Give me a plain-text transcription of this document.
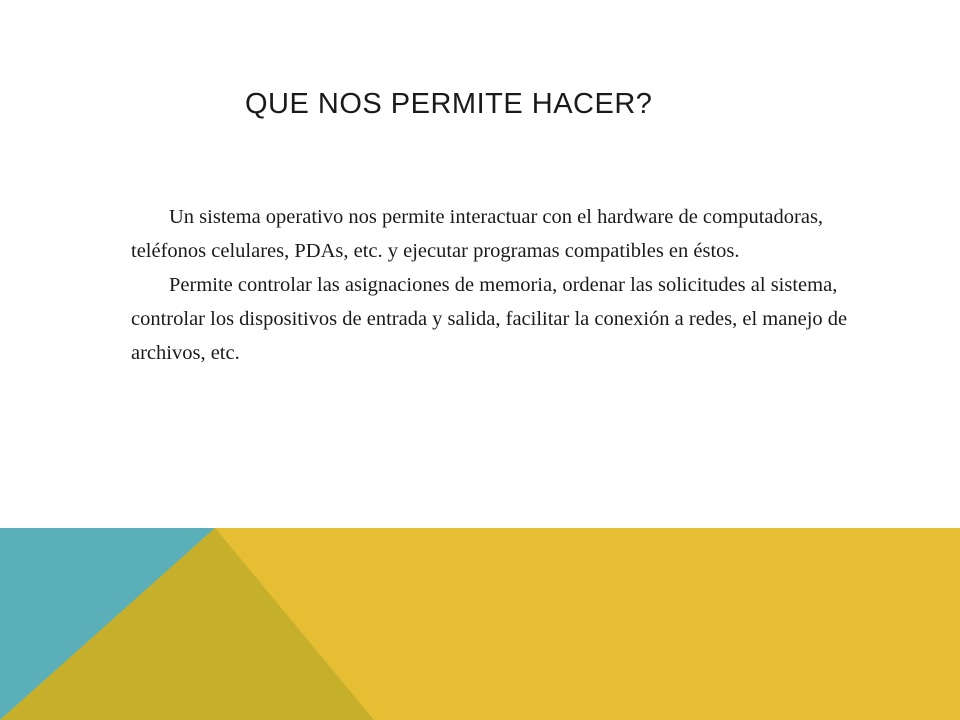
QUE NOS PERMITE HACER?

Un sistema operativo nos permite interactuar con el hardware de computadoras, teléfonos celulares, PDAs, etc. y ejecutar programas compatibles en éstos.

Permite controlar las asignaciones de memoria, ordenar las solicitudes al sistema, controlar los dispositivos de entrada y salida, facilitar la conexión a redes, el manejo de archivos, etc.
